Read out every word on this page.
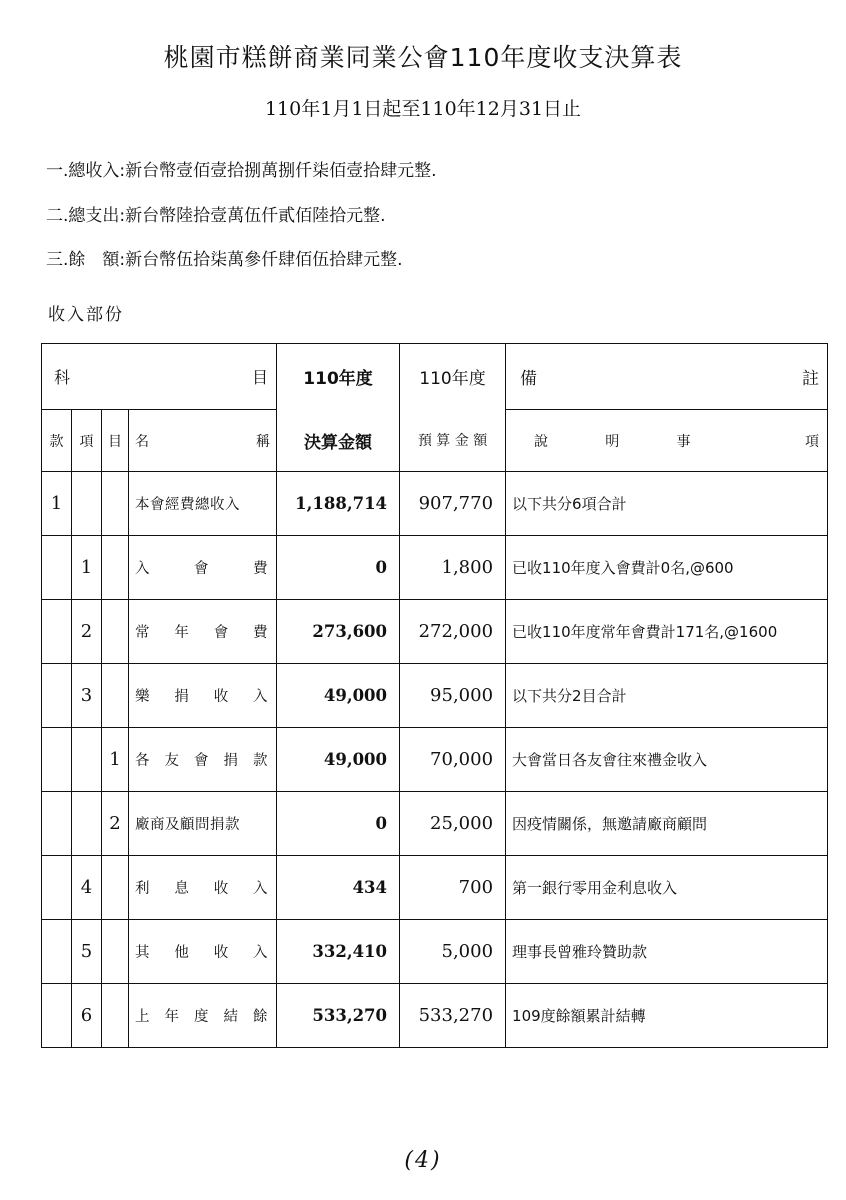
桃園市糕餅商業同業公會110年度收支決算表
110年1月1日起至110年12月31日止
一.總收入:新台幣壹佰壹拾捌萬捌仟柒佰壹拾肆元整.
二.總支出:新台幣陸拾壹萬伍仟貳佰陸拾元整.
三.餘　額:新台幣伍拾柒萬參仟肆佰伍拾肆元整.
收入部份
科 目				110年度	110年度	備 註

款	項	目	名 稱	決算金額	預 算 金 額	說 明 事 項
1			本會經費總收入	1,188,714	907,770	以下共分6項合計
	1		入 會 費	0	1,800	已收110年度入會費計0名,@600
	2		常 年 會 費	273,600	272,000	已收110年度常年會費計171名,@1600
	3		樂 捐 收 入	49,000	95,000	以下共分2目合計
		1	各 友 會 捐 款	49,000	70,000	大會當日各友會往來禮金收入
		2	廠商及顧問捐款	0	25,000	因疫情關係，無邀請廠商顧問
	4		利 息 收 入	434	700	第一銀行零用金利息收入
	5		其 他 收 入	332,410	5,000	理事長曾雅玲贊助款
	6		上 年 度 結 餘	533,270	533,270	109度餘額累計結轉
(4)
